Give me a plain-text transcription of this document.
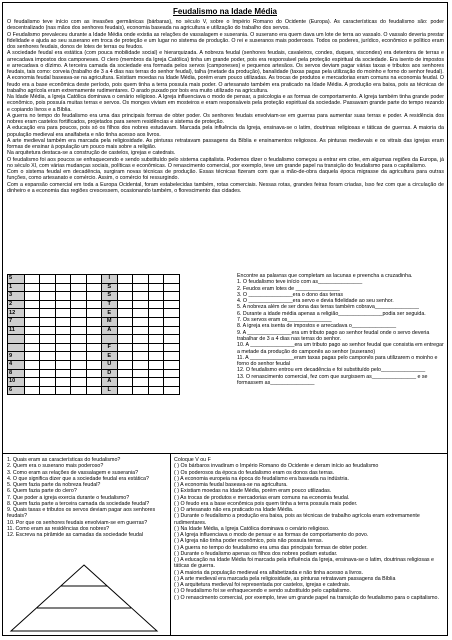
Feudalismo na Idade Média

O feudalismo teve início com as invasões germânicas (bárbaras), no século V, sobre o Império Romano do Ocidente (Europa). As características do feudalismo são: poder descentralizado (nas mãos dos senhores feudais), economia baseada na agricultura e utilização do trabalho dos servos.

O Feudalismo prevaleceu durante a Idade Média onde existia as relações de vassalagem e suserania. O suserano era quem dava um lote de terra ao vassalo. O vassalo deveria prestar fidelidade e ajuda ao seu suserano em troca de proteção e um lugar no sistema de produção. O rei e suseranos mais poderosos. Todos os poderes, jurídico, econômico e político eram dos senhores feudais, donos de lotes de terras ou feudos.

A sociedade feudal era estática (com pouca mobilidade social) e hierarquizada. A nobreza feudal (senhores feudais, cavaleiros, condes, duques, viscondes) era detentora de terras e arrecadava impostos dos camponeses. O clero (membros da Igreja Católica) tinha um grande poder, pois era responsável pela proteção espiritual da sociedade. Era isento de impostos e arrecadava o dízimo. A terceira camada da sociedade era formada pelos servos (camponeses) e pequenos artesãos. Os servos deviam pagar várias taxas e tributos aos senhores feudais, tais como: corveia (trabalho de 3 a 4 dias nas terras do senhor feudal), talha (metade da produção), banalidade (taxas pagas pela utilização do moinho e forno do senhor feudal).

A economia feudal baseava-se na agricultura. Existiam moedas na Idade Média, porém eram pouco utilizadas. As trocas de produtos e mercadorias eram comuns na economia feudal. O feudo era a base econômica deste período, pois quem tinha a terra possuía mais poder. O artesanato também era praticado na Idade Média. A produção era baixa, pois as técnicas de trabalho agrícola eram extremamente rudimentares. O arado puxado por bois era muito utilizado na agricultura.

Na Idade Média, a Igreja Católica dominava o cenário religioso. A Igreja influenciava o modo de pensar, a psicologia e as formas de comportamento. A Igreja também tinha grande poder econômico, pois possuía muitas terras e servos. Os monges viviam em mosteiros e eram responsáveis pela proteção espiritual da sociedade. Passavam grande parte do tempo rezando e copiando livros e a Bíblia.

A guerra no tempo do feudalismo era uma das principais formas de obter poder. Os senhores feudais envolviam-se em guerras para aumentar suas terras e poder. A residência dos nobres eram castelos fortificados, projetados para serem residências e sistema de proteção.

A educação era para poucos, pois só os filhos dos nobres estudavam. Marcada pela influência da Igreja, ensinava-se o latim, doutrinas religiosas e táticas de guerras. A maioria da população medieval era analfabeta e não tinha acesso aos livros.

A arte medieval também era marcada pela religiosidade. As pinturas retratavam passagens da Bíblia e ensinamentos religiosos. As pinturas medievais e os vitrais das igrejas eram formas de ensinar à população um pouco mais sobre a religião.

Na arquitetura destaca-se a construção de castelos, igrejas e catedrais.

O feudalismo foi aos poucos se enfraquecendo e sendo substituído pelo sistema capitalista. Podemos dizer o feudalismo começou a entrar em crise, em algumas regiões da Europa, já no século XI, com várias mudanças sociais, políticas e econômicas. O renascimento comercial, por exemplo, teve um grande papel na transição do feudalismo para o capitalismo.

Com o sistema feudal em decadência, surgiram novas técnicas de produção. Essas técnicas fizeram com que a mão-de-obra daquela época migrasse da agricultura para outras funções, como artesanato e comércio. Assim, o comércio foi ressurgindo.

Com a expansão comercial em toda a Europa Ocidental, foram estabelecidas também, rotas comerciais. Nessas rotas, grandes feiras foram criadas, Isso fez com que a circulação de dinheiro e a economia das regiões crescessem, ocasionando também, o florescimento das cidades.

5						I				
1						S				
3						S				
2						T				
12						E				
7						M				
11						A				

						F				
9						E				
4						U				
8						D				
10						A				
6						L				

Encontre as palavras que completam as lacunas e preencha a cruzadinha.

1. O feudalismo teve início com as_______________

2. Feudos eram lotes de _______________

3. O _______________era o dono das terras

4. O _______________era servo e devia fidelidade ao seu senhor.

5. A nobreza além de ser dona das terras também cobrava_______________

6. Durante a idade média apenas a religião_______________podia ser seguida.

7. Os servos eram os_______________

8. A igreja era isenta de impostos e arrecadava o_______________

9. A _______________era um tributo pago ao senhor feudal onde o servo deveria trabalhar de 3 a 4 dias nas terras do senhor.

10. A _______________era um tributo pago ao senhor feudal que consistia em entregar a metade da produção do camponês ao senhor (suserano)

11. A _______________eram taxas pagas pelo camponês para utilizarem o moinho e forno do senhor feudal

12. O feudalismo entrou em decadência e foi substituído pelo_______________

13. O renascimento comercial, fez com que surgissem as_______________ e se formassem as_______________

1. Quais eram as características do feudalismo?

2. Quem era o suserano mais poderoso?

3. Como eram as relações de vassalagem e suserania?

4. O que significa dizer que a sociedade feudal era estática?

5. Quem fazia parte da nobreza feudal?

6. Quem fazia parte do clero?

7. Que poder a igreja exercia durante o feudalismo?

8. Quem fazia parte a terceira camada da sociedade feudal?

9. Quais taxas e tributos os servos deviam pagar aos senhores feudais?

10. Por que os senhores feudais envolviam-se em guerras?

11. Como eram as residências dos nobres?

12. Escreva na pirâmide as camadas da sociedade feudal

Coloque V ou F

( ) Os bárbaros invadiram o Império Romano do Ocidente e deram início ao feudalismo

( ) Os poderosos da época do feudalismo eram os donos das terras.

( ) A economia europeia na época do feudalismo era baseada na indústria.

( ) A economia feudal baseava-se na agricultura.

( ) Existiam moedas na Idade Média, porém eram pouco utilizadas.

( ) As trocas de produtos e mercadorias eram comuns na economia feudal.

( ) O feudo era a base econômica pois quem tinha a terra possuía mais poder.

( ) O artesanato não era praticado na Idade Média.

( ) Durante o feudalismo a produção era baixa, pois as técnicas de trabalho agrícola eram extremamente rudimentares.

( ) Na Idade Média, a Igreja Católica dominava o cenário religioso.

( ) A Igreja influenciava o modo de pensar e as formas de comportamento do povo.

( ) A Igreja não tinha poder econômico, pois não possuía terras.

( ) A guerra no tempo do feudalismo era uma das principais formas de obter poder.

( ) Durante o feudalismo apenas os filhos dos nobres podiam estudar.

( ) A educação na Idade Média foi marcada pela influência da Igreja, ensinava-se o latim, doutrinas religiosas e táticas de guerra.

( ) A maioria da população medieval era alfabetizada e não tinha acesso a livros.

( ) A arte medieval era marcada pela religiosidade, as pinturas retratavam passagens da Bíblia

( ) A arquitetura medieval foi representada por castelos, igrejas e catedrais.

( ) O feudalismo foi se enfraquecendo e sendo substituído pelo capitalismo.

( ) O renascimento comercial, por exemplo, teve um grande papel na transição do feudalismo para o capitalismo.
